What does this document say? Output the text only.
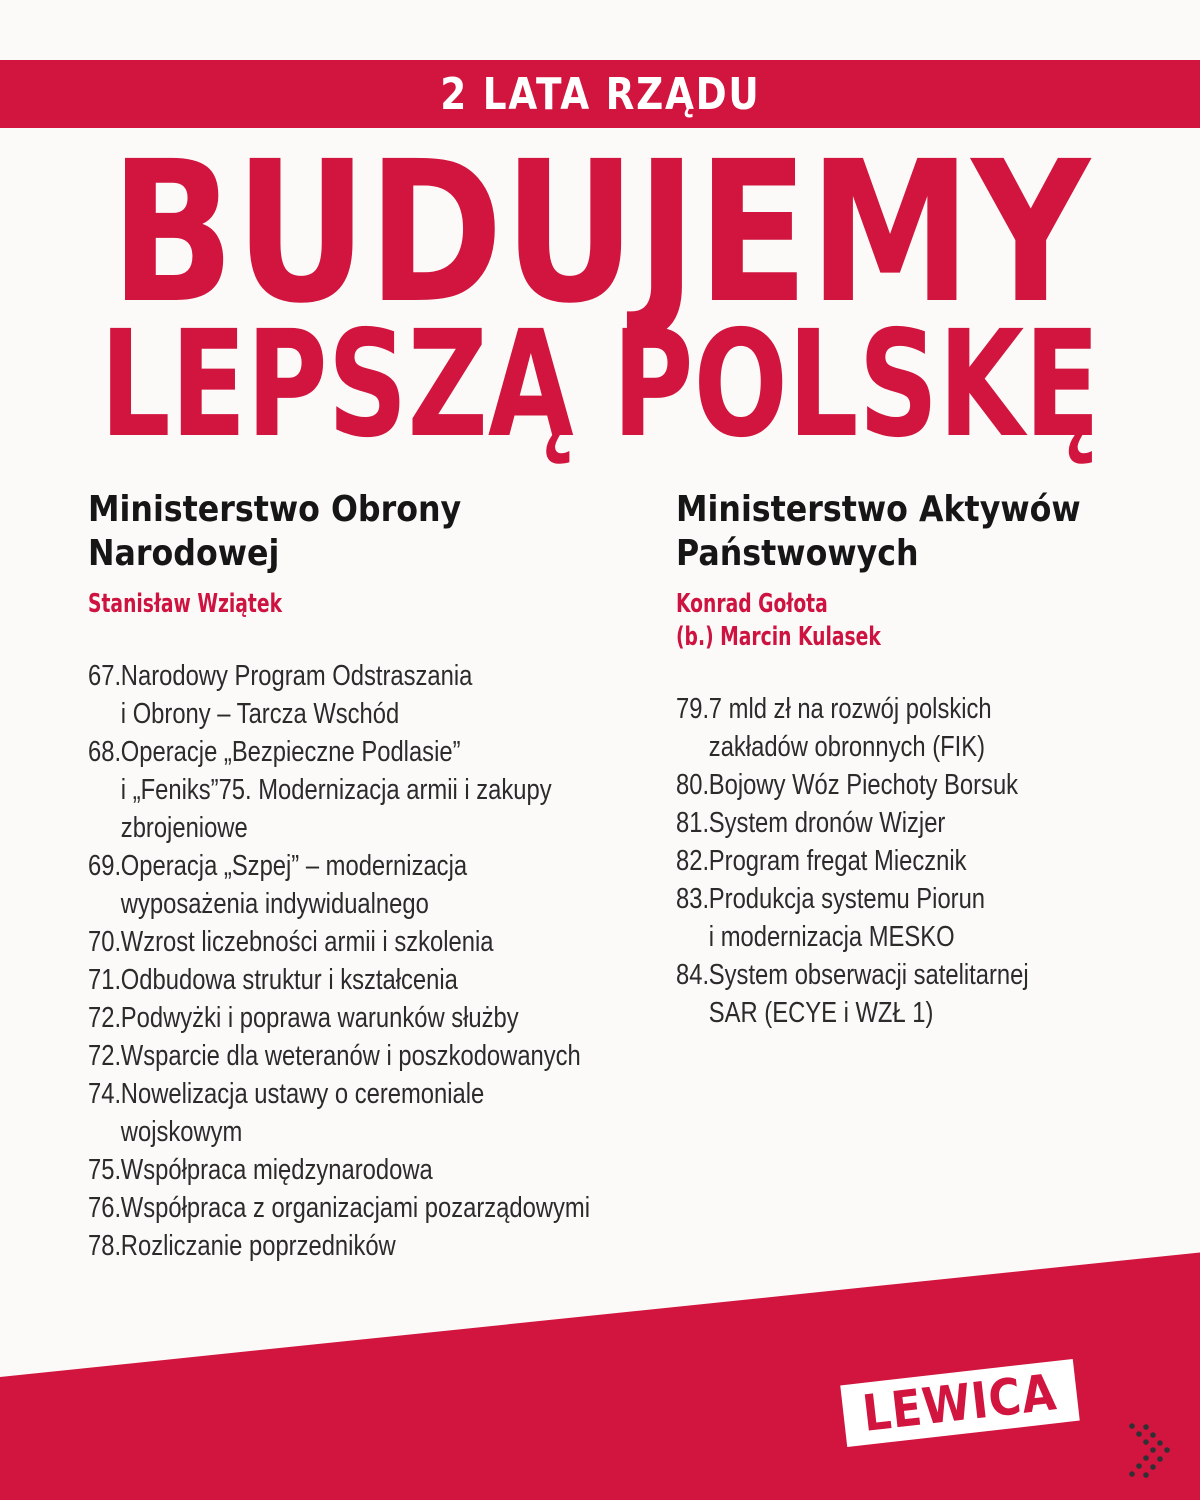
2 LATA RZĄDU
BUDUJEMY
LEPSZĄ POLSKĘ
Ministerstwo Obrony
Narodowej
Stanisław Wziątek
67. Narodowy Program Odstraszania
i Obrony – Tarcza Wschód
68. Operacje „Bezpieczne Podlasie”
i „Feniks”75. Modernizacja armii i zakupy
zbrojeniowe
69. Operacja „Szpej” – modernizacja
wyposażenia indywidualnego
70. Wzrost liczebności armii i szkolenia
71. Odbudowa struktur i kształcenia
72. Podwyżki i poprawa warunków służby
72. Wsparcie dla weteranów i poszkodowanych
74. Nowelizacja ustawy o ceremoniale
wojskowym
75. Współpraca międzynarodowa
76. Współpraca z organizacjami pozarządowymi
78. Rozliczanie poprzedników
Ministerstwo Aktywów
Państwowych
Konrad Gołota
(b.) Marcin Kulasek
79. 7 mld zł na rozwój polskich
zakładów obronnych (FIK)
80. Bojowy Wóz Piechoty Borsuk
81. System dronów Wizjer
82. Program fregat Miecznik
83. Produkcja systemu Piorun
i modernizacja MESKO
84. System obserwacji satelitarnej
SAR (ECYE i WZŁ 1)
LEWICA
